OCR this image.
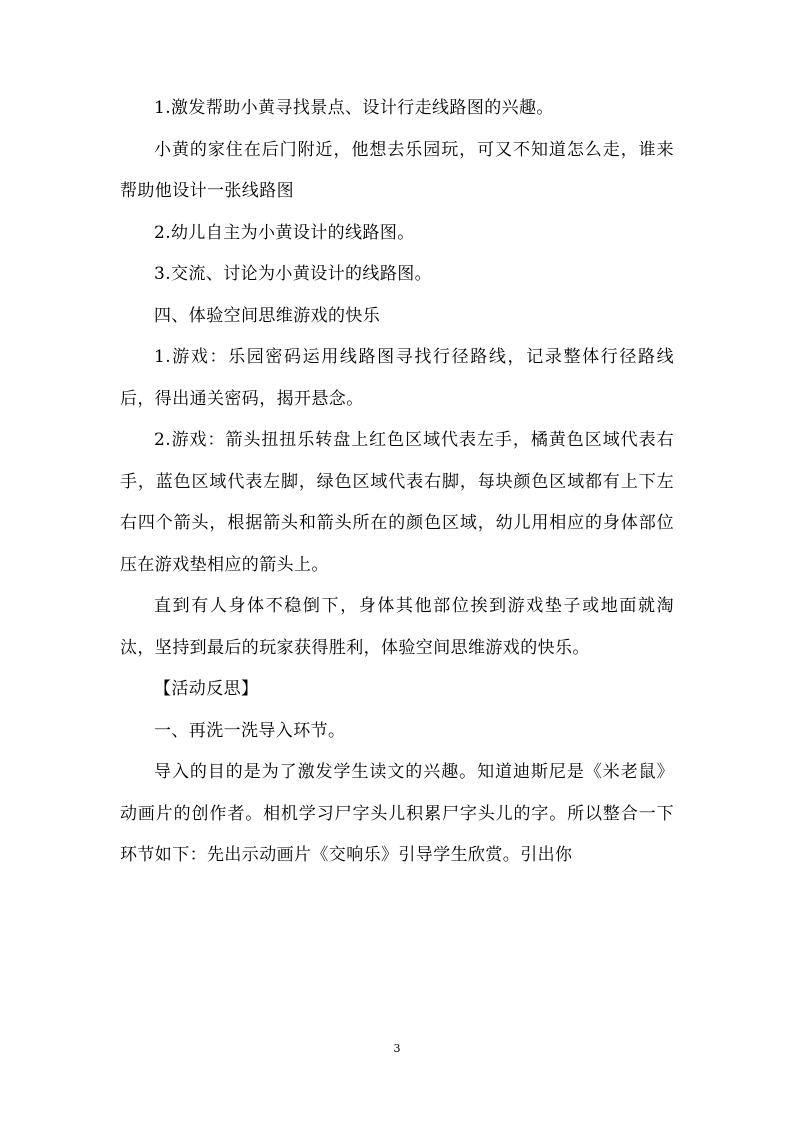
1.激发帮助小黄寻找景点、设计行走线路图的兴趣。

小黄的家住在后门附近，他想去乐园玩，可又不知道怎么走，谁来帮助他设计一张线路图

2.幼儿自主为小黄设计的线路图。

3.交流、讨论为小黄设计的线路图。

四、体验空间思维游戏的快乐

1.游戏：乐园密码运用线路图寻找行径路线，记录整体行径路线后，得出通关密码，揭开悬念。

2.游戏：箭头扭扭乐转盘上红色区域代表左手，橘黄色区域代表右手，蓝色区域代表左脚，绿色区域代表右脚，每块颜色区域都有上下左右四个箭头，根据箭头和箭头所在的颜色区域，幼儿用相应的身体部位压在游戏垫相应的箭头上。

直到有人身体不稳倒下，身体其他部位挨到游戏垫子或地面就淘汰，坚持到最后的玩家获得胜利，体验空间思维游戏的快乐。

【活动反思】

一、再洗一洗导入环节。

导入的目的是为了激发学生读文的兴趣。知道迪斯尼是《米老鼠》动画片的创作者。相机学习尸字头儿积累尸字头儿的字。所以整合一下环节如下：先出示动画片《交响乐》引导学生欣赏。引出你

3
